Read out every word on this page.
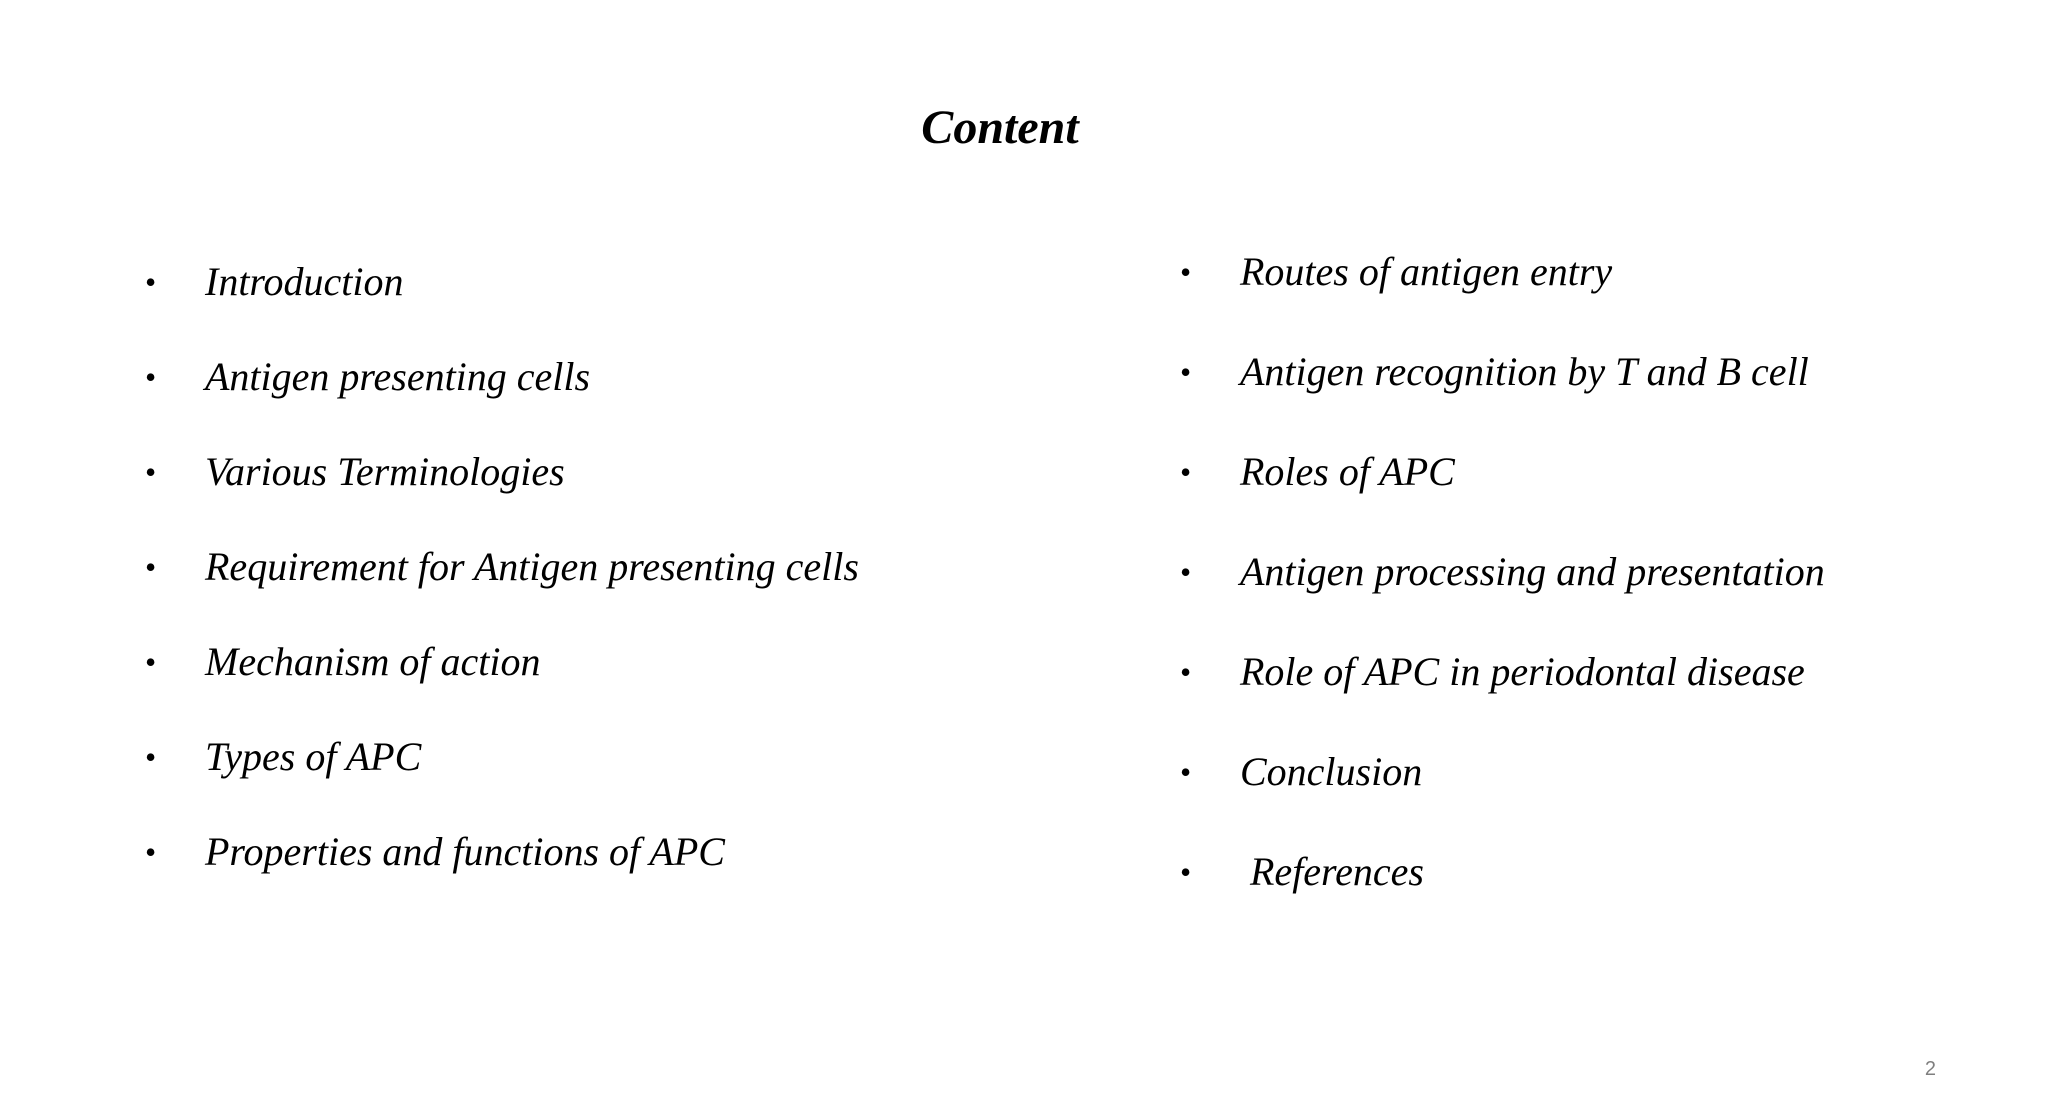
Content
• Introduction
• Antigen presenting cells
• Various Terminologies
• Requirement for Antigen presenting cells
• Mechanism of action
• Types of APC
• Properties and functions of APC
• Routes of antigen entry
• Antigen recognition by T and B cell
• Roles of APC
• Antigen processing and presentation
• Role of APC in periodontal disease
• Conclusion
• References
2
